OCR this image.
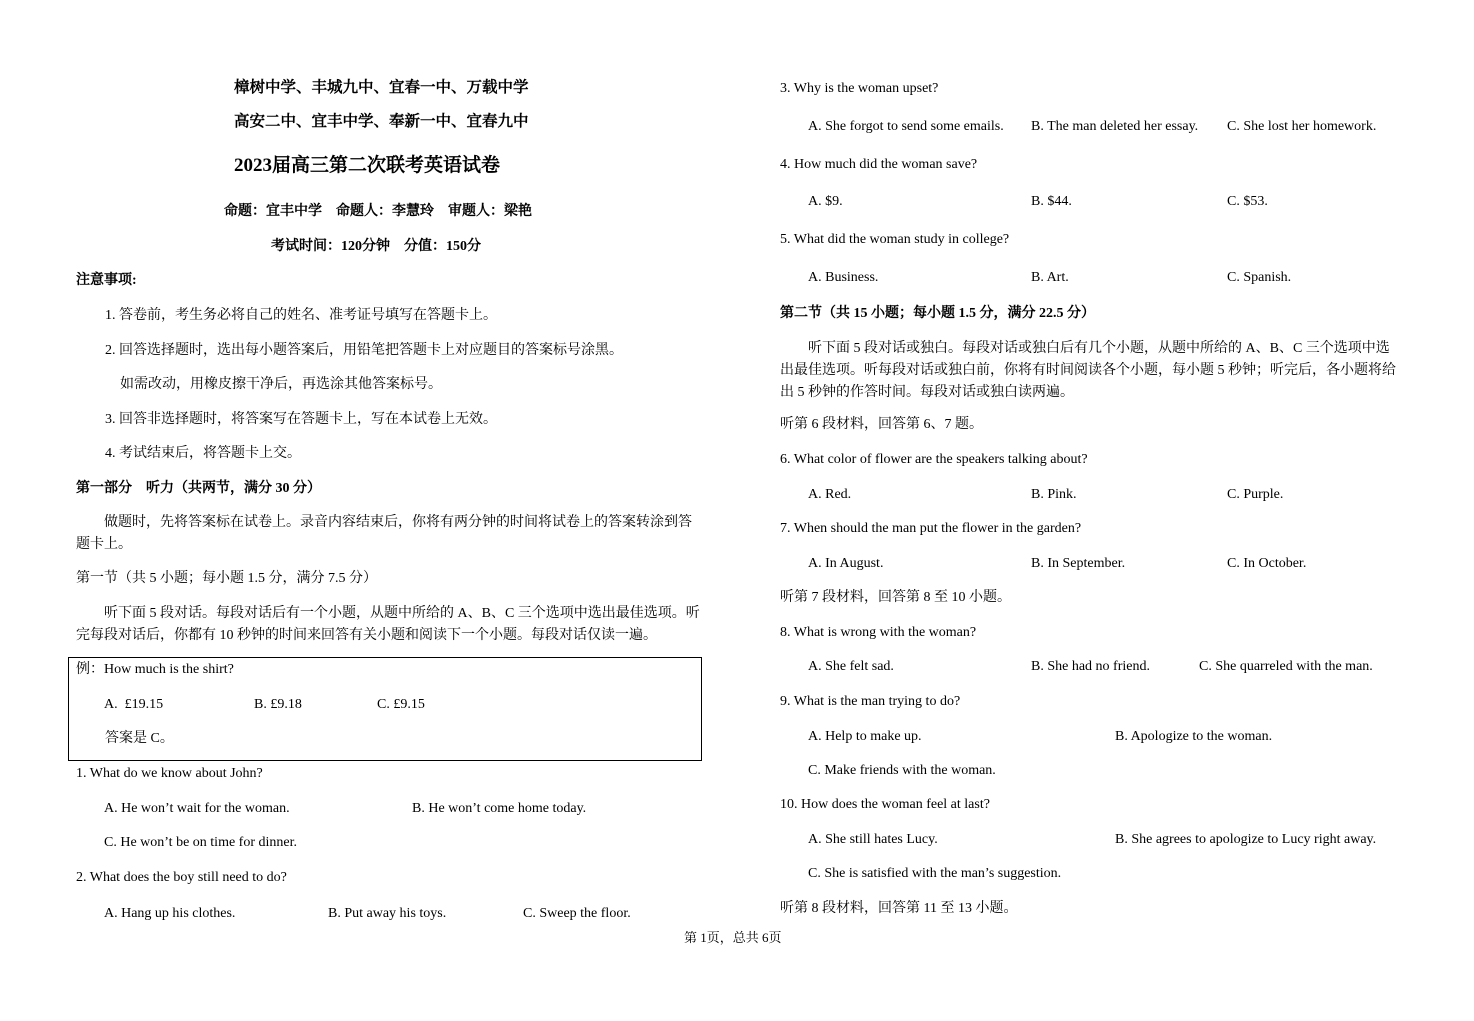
樟树中学、丰城九中、宜春一中、万载中学
高安二中、宜丰中学、奉新一中、宜春九中
2023届高三第二次联考英语试卷
命题：宜丰中学    命题人：李慧玲    审题人：梁艳
考试时间：120分钟    分值：150分
注意事项:
1. 答卷前，考生务必将自己的姓名、准考证号填写在答题卡上。
2. 回答选择题时，选出每小题答案后，用铅笔把答题卡上对应题目的答案标号涂黑。
如需改动，用橡皮擦干净后，再选涂其他答案标号。
3. 回答非选择题时，将答案写在答题卡上，写在本试卷上无效。
4. 考试结束后，将答题卡上交。
第一部分    听力（共两节，满分 30 分）
做题时，先将答案标在试卷上。录音内容结束后，你将有两分钟的时间将试卷上的答案转涂到答题卡上。
第一节（共 5 小题；每小题 1.5 分，满分 7.5 分）
听下面 5 段对话。每段对话后有一个小题，从题中所给的 A、B、C 三个选项中选出最佳选项。听完每段对话后，你都有 10 秒钟的时间来回答有关小题和阅读下一个小题。每段对话仅读一遍。
例：How much is the shirt?
A.  £19.15	B. £9.18	C. £9.15
答案是 C。
1. What do we know about John?
A. He won’t wait for the woman.	B. He won’t come home today.
C. He won’t be on time for dinner.
2. What does the boy still need to do?
A. Hang up his clothes.	B. Put away his toys.	C. Sweep the floor.
3. Why is the woman upset?
A. She forgot to send some emails. B. The man deleted her essay. C. She lost her homework.
4. How much did the woman save?
A. $9.	B. $44.	C. $53.
5. What did the woman study in college?
A. Business.	B. Art.	C. Spanish.
第二节（共 15 小题；每小题 1.5 分，满分 22.5 分）
听下面 5 段对话或独白。每段对话或独白后有几个小题，从题中所给的 A、B、C 三个选项中选出最佳选项。听每段对话或独白前，你将有时间阅读各个小题，每小题 5 秒钟；听完后，各小题将给出 5 秒钟的作答时间。每段对话或独白读两遍。
听第 6 段材料，回答第 6、7 题。
6. What color of flower are the speakers talking about?
A. Red.	B. Pink.	C. Purple.
7. When should the man put the flower in the garden?
A. In August.	B. In September.	C. In October.
听第 7 段材料，回答第 8 至 10 小题。
8. What is wrong with the woman?
A. She felt sad.	B. She had no friend.	C. She quarreled with the man.
9. What is the man trying to do?
A. Help to make up.	B. Apologize to the woman.
C. Make friends with the woman.
10. How does the woman feel at last?
A. She still hates Lucy.	B. She agrees to apologize to Lucy right away.
C. She is satisfied with the man’s suggestion.
听第 8 段材料，回答第 11 至 13 小题。
第 1页，总共 6页
